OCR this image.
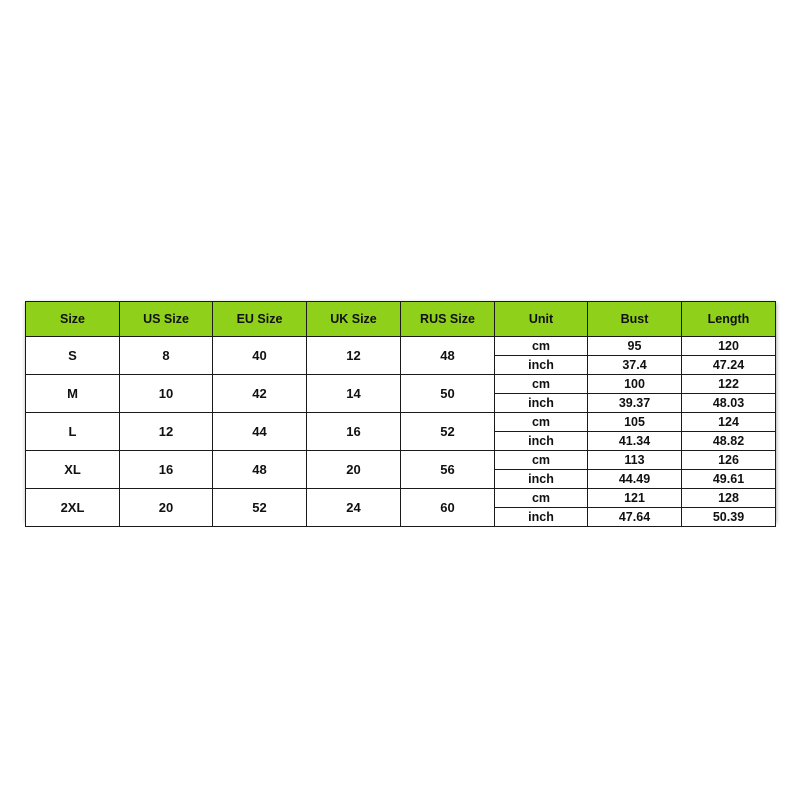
Size	US Size	EU Size	UK Size	RUS Size	Unit	Bust	Length
S	8	40	12	48	cm	95	120
					inch	37.4	47.24
M	10	42	14	50	cm	100	122
					inch	39.37	48.03
L	12	44	16	52	cm	105	124
					inch	41.34	48.82
XL	16	48	20	56	cm	113	126
					inch	44.49	49.61
2XL	20	52	24	60	cm	121	128
					inch	47.64	50.39
